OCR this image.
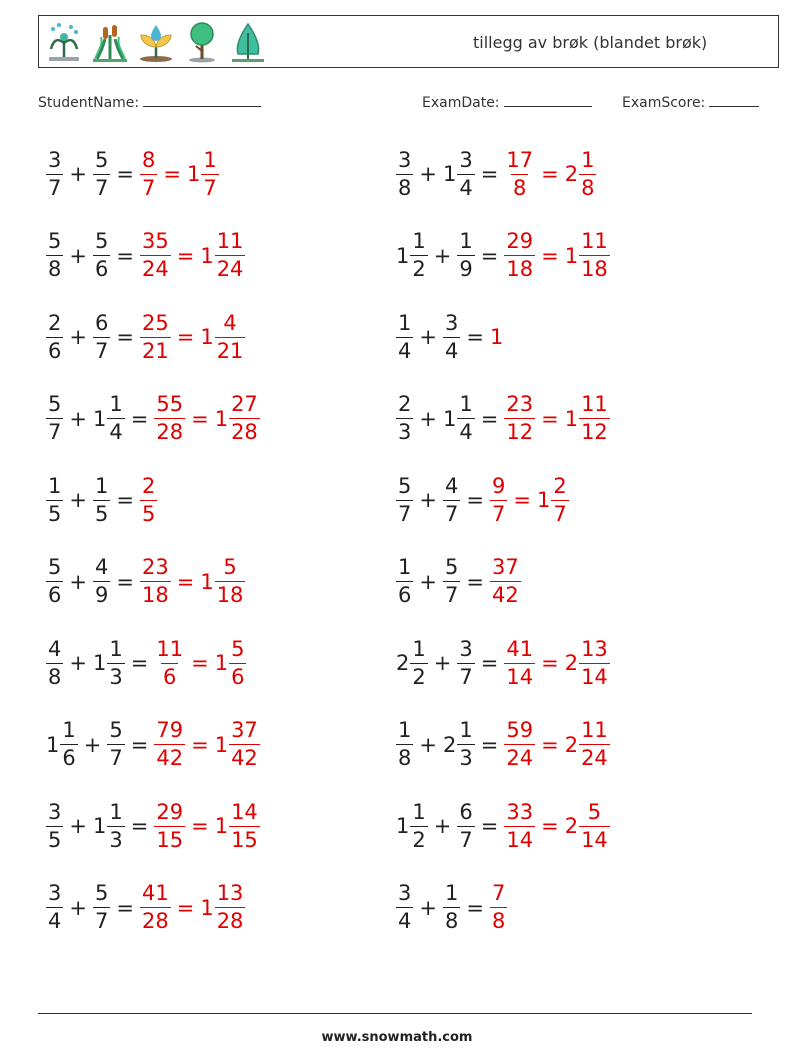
tillegg av brøk (blandet brøk)
StudentName:	ExamDate:	ExamScore:
$\frac{3}{7} + \frac{5}{7} = \frac{8}{7} = 1 \frac{1}{7}$	$\frac{3}{8} + 1 \frac{3}{4} = \frac{17}{8} = 2 \frac{1}{8}$
$\frac{5}{8} + \frac{5}{6} = \frac{35}{24} = 1 \frac{11}{24}$	$1 \frac{1}{2} + \frac{1}{9} = \frac{29}{18} = 1 \frac{11}{18}$
$\frac{2}{6} + \frac{6}{7} = \frac{25}{21} = 1 \frac{4}{21}$	$\frac{1}{4} + \frac{3}{4} = 1$
$\frac{5}{7} + 1 \frac{1}{4} = \frac{55}{28} = 1 \frac{27}{28}$	$\frac{2}{3} + 1 \frac{1}{4} = \frac{23}{12} = 1 \frac{11}{12}$
$\frac{1}{5} + \frac{1}{5} = \frac{2}{5}$	$\frac{5}{7} + \frac{4}{7} = \frac{9}{7} = 1 \frac{2}{7}$
$\frac{5}{6} + \frac{4}{9} = \frac{23}{18} = 1 \frac{5}{18}$	$\frac{1}{6} + \frac{5}{7} = \frac{37}{42}$
$\frac{4}{8} + 1 \frac{1}{3} = \frac{11}{6} = 1 \frac{5}{6}$	$2 \frac{1}{2} + \frac{3}{7} = \frac{41}{14} = 2 \frac{13}{14}$
$1 \frac{1}{6} + \frac{5}{7} = \frac{79}{42} = 1 \frac{37}{42}$	$\frac{1}{8} + 2 \frac{1}{3} = \frac{59}{24} = 2 \frac{11}{24}$
$\frac{3}{5} + 1 \frac{1}{3} = \frac{29}{15} = 1 \frac{14}{15}$	$1 \frac{1}{2} + \frac{6}{7} = \frac{33}{14} = 2 \frac{5}{14}$
$\frac{3}{4} + \frac{5}{7} = \frac{41}{28} = 1 \frac{13}{28}$	$\frac{3}{4} + \frac{1}{8} = \frac{7}{8}$
www.snowmath.com
